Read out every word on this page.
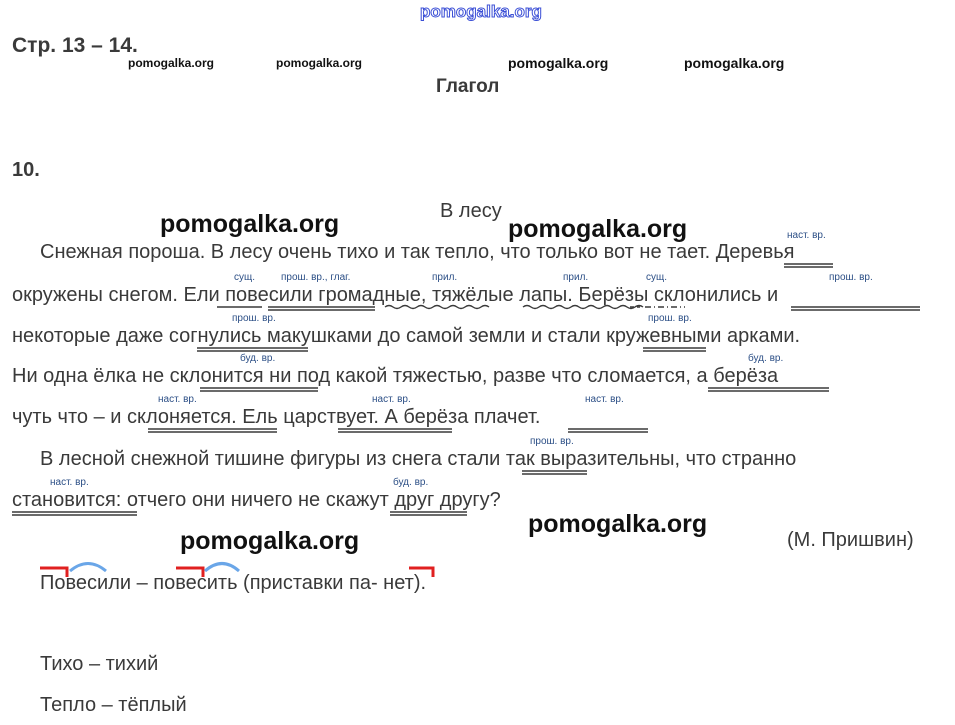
pomogalka.org
Стр. 13 – 14.
pomogalka.org	pomogalka.org	pomogalka.org	pomogalka.org
Глагол
10.
В лесу
pomogalka.org	pomogalka.org	наст. вр.
сущ.	прош. вр., глаг.	прил.	прил.	сущ.	прош. вр.
прош. вр.	прош. вр.
буд. вр.	буд. вр.
наст. вр.	наст. вр.	наст. вр.
прош. вр.
наст. вр.	буд. вр.
Снежная пороша. В лесу очень тихо и так тепло, что только вот не тает. Деревья
окружены снегом. Ели повесили громадные, тяжёлые лапы. Берёзы склонились и
некоторые даже согнулись макушками до самой земли и стали кружевными арками.
Ни одна ёлка не склонится ни под какой тяжестью, разве что сломается, а берёза
чуть что – и склоняется. Ель царствует. А берёза плачет.
В лесной снежной тишине фигуры из снега стали так выразительны, что странно
становится: отчего они ничего не скажут друг другу?
(М. Пришвин)
pomogalka.org
pomogalka.org
Повесили – повесить (приставки па- нет).
Тихо – тихий
Тепло – тёплый
